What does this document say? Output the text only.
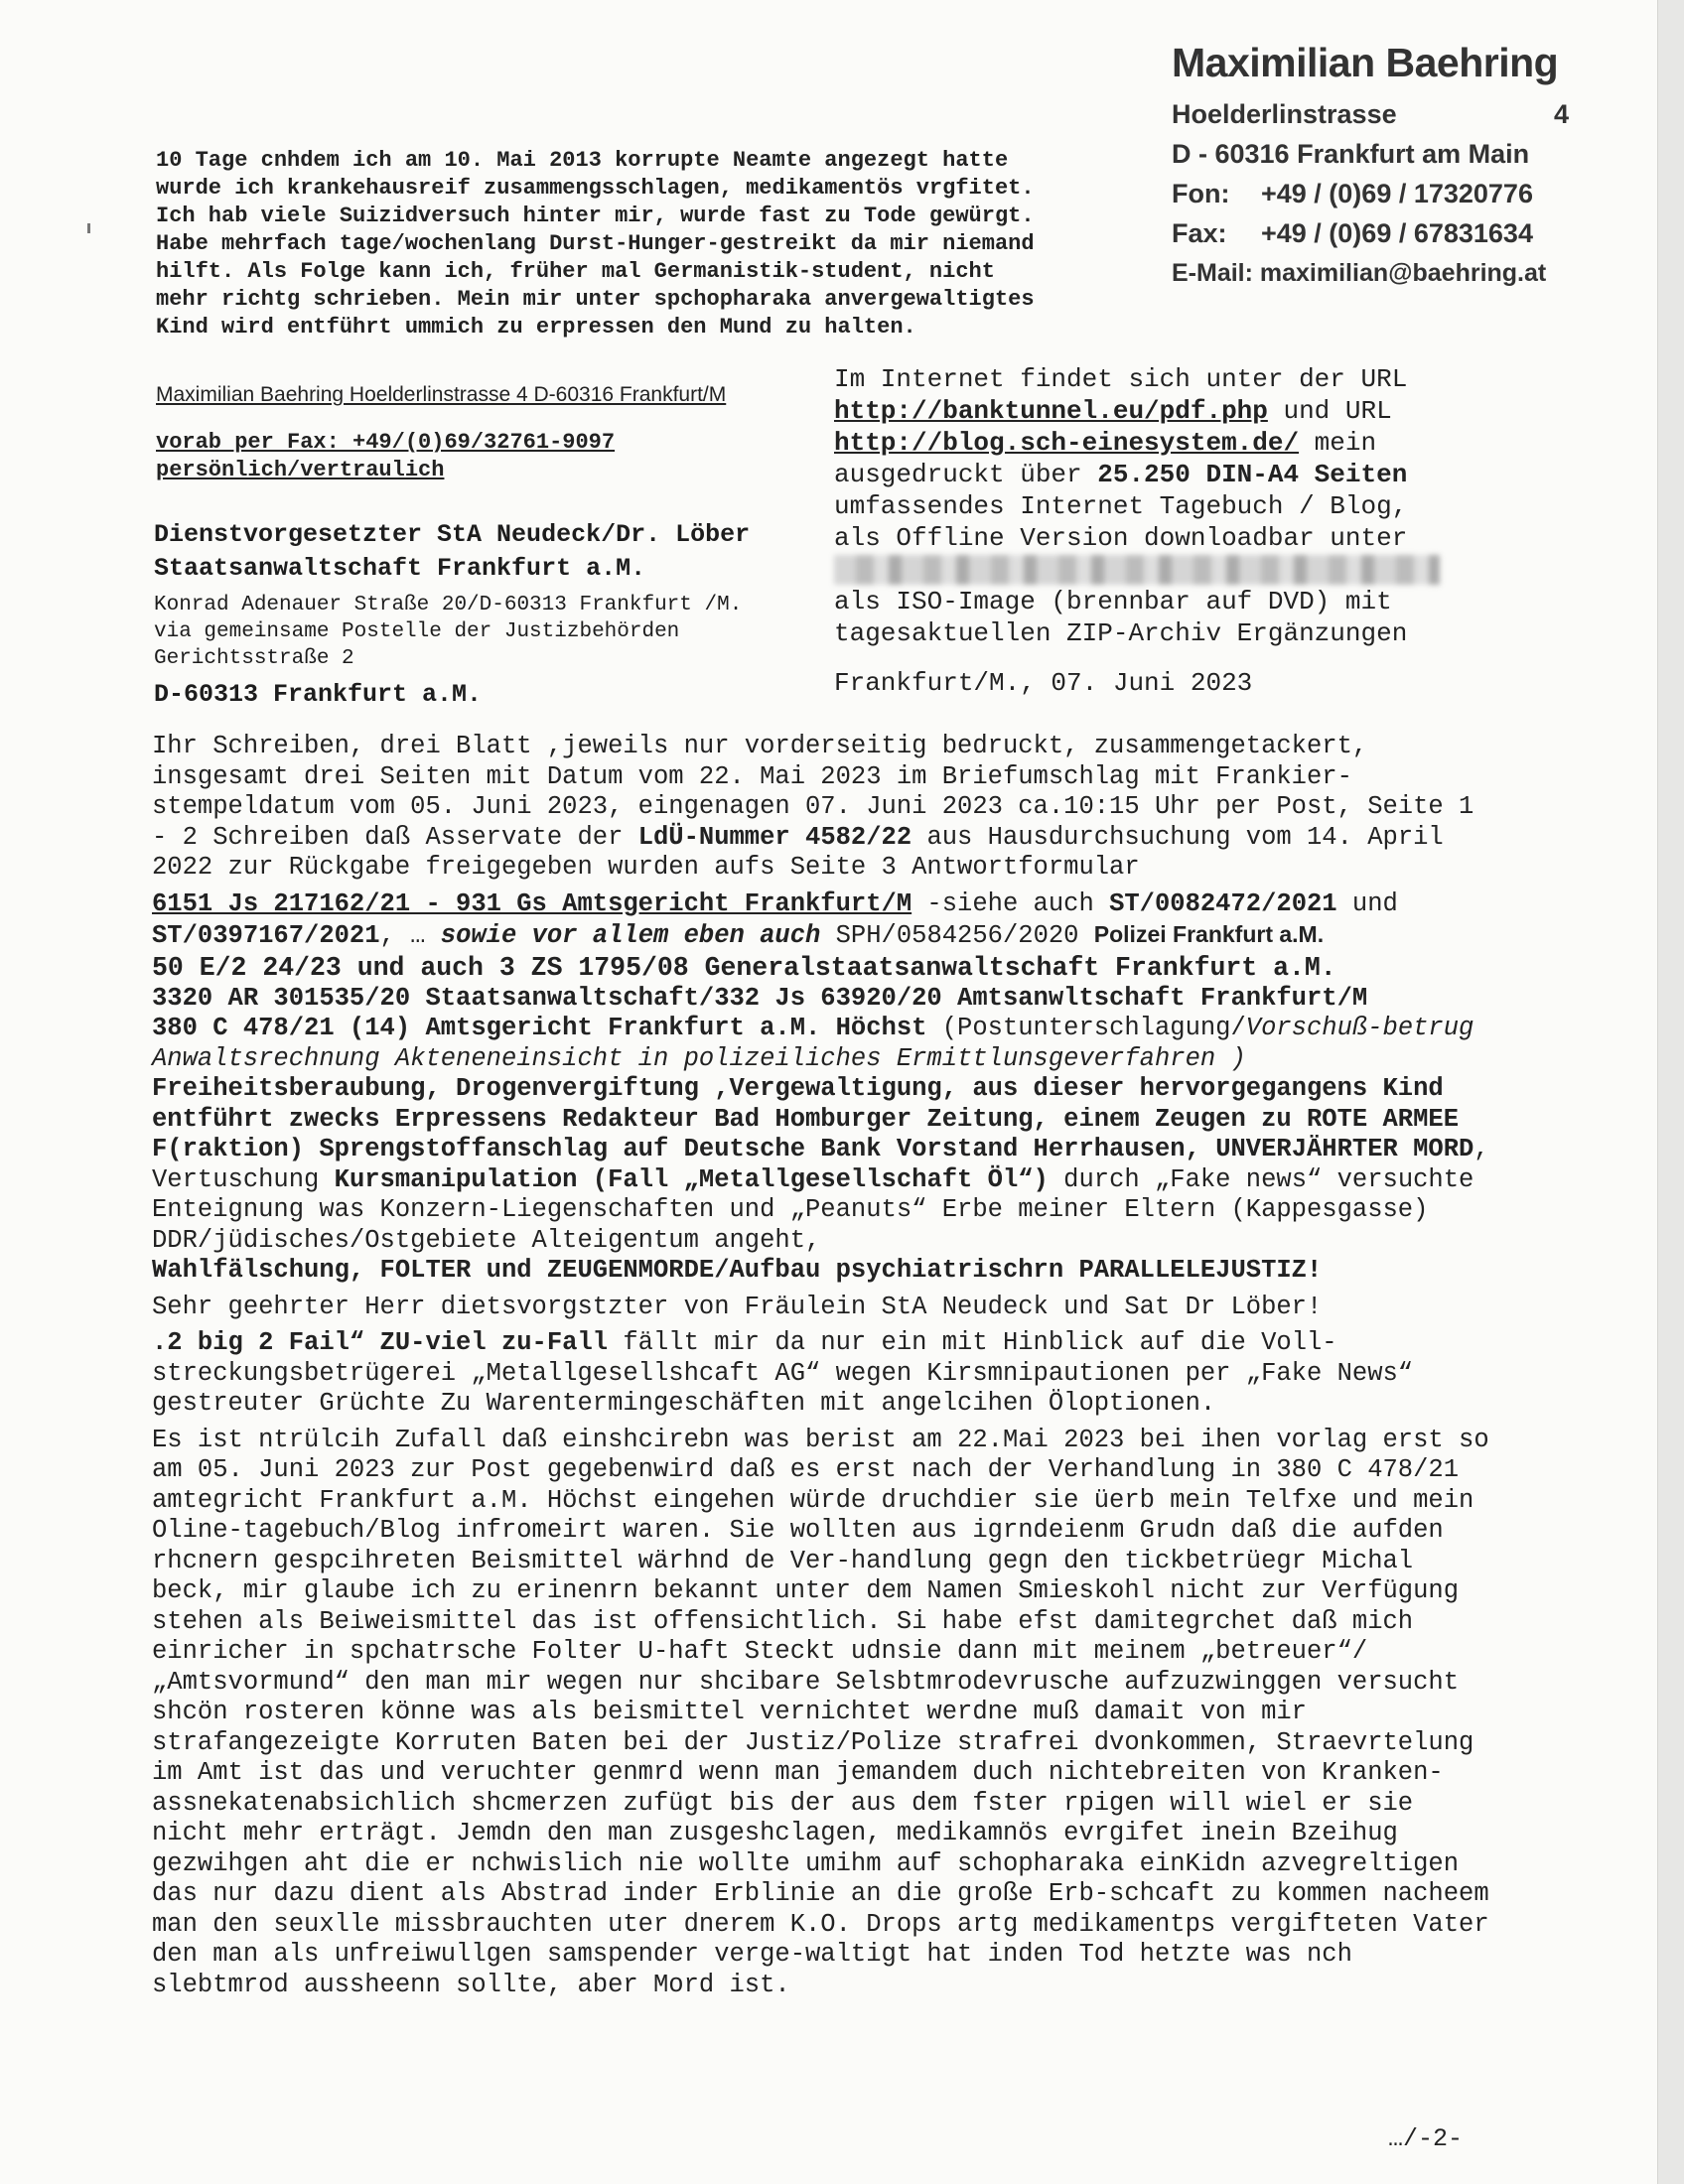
Maximilian Baehring
Hoelderlinstrasse	4
D - 60316 Frankfurt am Main
Fon:	+49 / (0)69 / 17320776
Fax:	+49 / (0)69 / 67831634
E-Mail: maximilian@baehring.at
10 Tage cnhdem ich am 10. Mai 2013 korrupte Neamte angezegt hatte
wurde ich krankehausreif zusammengsschlagen, medikamentös vrgfitet.
Ich hab viele Suizidversuch hinter mir, wurde fast zu Tode gewürgt.
Habe mehrfach tage/wochenlang Durst-Hunger-gestreikt da mir niemand
hilft. Als Folge kann ich, früher mal Germanistik-student, nicht
mehr richtg schrieben. Mein mir unter spchopharaka anvergewaltigtes
Kind wird entführt ummich zu erpressen den Mund zu halten.
Maximilian Baehring Hoelderlinstrasse 4 D-60316 Frankfurt/M
vorab per Fax: +49/(0)69/32761-9097
persönlich/vertraulich
Dienstvorgesetzter StA Neudeck/Dr. Löber
Staatsanwaltschaft Frankfurt a.M.
Konrad Adenauer Straße 20/D-60313 Frankfurt /M.
via gemeinsame Postelle der Justizbehörden
Gerichtsstraße 2
D-60313 Frankfurt a.M.
Im Internet findet sich unter der URL
http://banktunnel.eu/pdf.php und URL
http://blog.sch-einesystem.de/ mein
ausgedruckt über 25.250 DIN-A4 Seiten
umfassendes Internet Tagebuch / Blog,
als Offline Version downloadbar unter
als ISO-Image (brennbar auf DVD) mit
tagesaktuellen ZIP-Archiv Ergänzungen
Frankfurt/M., 07. Juni 2023

Ihr Schreiben, drei Blatt ,jeweils nur vorderseitig bedruckt, zusammengetackert, insgesamt drei Seiten mit Datum vom 22. Mai 2023 im Briefumschlag mit Frankier-stempeldatum vom 05. Juni 2023, eingenagen 07. Juni 2023 ca.10:15 Uhr per Post, Seite 1 - 2 Schreiben daß Asservate der LdÜ-Nummer 4582/22 aus Hausdurchsuchung vom 14. April 2022 zur Rückgabe freigegeben wurden aufs Seite 3 Antwortformular

6151 Js 217162/21 - 931 Gs Amtsgericht Frankfurt/M -siehe auch ST/0082472/2021 und

ST/0397167/2021, … sowie vor allem eben auch SPH/0584256/2020 Polizei Frankfurt a.M.

50 E/2 24/23 und auch 3 ZS 1795/08 Generalstaatsanwaltschaft Frankfurt a.M.

3320 AR 301535/20 Staatsanwaltschaft/332 Js 63920/20 Amtsanwltschaft Frankfurt/M

380 C 478/21 (14) Amtsgericht Frankfurt a.M. Höchst (Postunterschlagung/Vorschuß-betrug Anwaltsrechnung Akteneneinsicht in polizeiliches Ermittlunsgeverfahren )

Freiheitsberaubung, Drogenvergiftung ,Vergewaltigung, aus dieser hervorgegangens Kind entführt zwecks Erpressens Redakteur Bad Homburger Zeitung, einem Zeugen zu ROTE ARMEE F(raktion) Sprengstoffanschlag auf Deutsche Bank Vorstand Herrhausen, UNVERJÄHRTER MORD, Vertuschung Kursmanipulation (Fall „Metallgesellschaft Öl“) durch „Fake news“ versuchte Enteignung was Konzern-Liegenschaften und „Peanuts“ Erbe meiner Eltern (Kappesgasse) DDR/jüdisches/Ostgebiete Alteigentum angeht,

Wahlfälschung, FOLTER und ZEUGENMORDE/Aufbau psychiatrischrn PARALLELEJUSTIZ!

Sehr geehrter Herr dietsvorgstzter von Fräulein StA Neudeck und Sat Dr Löber!

.2 big 2 Fail“ ZU-viel zu-Fall fällt mir da nur ein mit Hinblick auf die Voll-streckungsbetrügerei „Metallgesellshcaft AG“ wegen Kirsmnipautionen per „Fake News“ gestreuter Grüchte Zu Warentermingeschäften mit angelcihen Öloptionen.

Es ist ntrülcih Zufall daß einshcirebn was berist am 22.Mai 2023 bei ihen vorlag erst so am 05. Juni 2023 zur Post gegebenwird daß es erst nach der Verhandlung in 380 C 478/21 amtegricht Frankfurt a.M. Höchst eingehen würde druchdier sie üerb mein Telfxe und mein Oline-tagebuch/Blog infromeirt waren. Sie wollten aus igrndeienm Grudn daß die aufden rhcnern gespcihreten Beismittel wärhnd de Ver-handlung gegn den tickbetrüegr Michal beck, mir glaube ich zu erinenrn bekannt unter dem Namen Smieskohl nicht zur Verfügung stehen als Beiweismittel das ist offensichtlich. Si habe efst damitegrchet daß mich einricher in spchatrsche Folter U-haft Steckt udnsie dann mit meinem „betreuer“/„Amtsvormund“ den man mir wegen nur shcibare Selsbtmrodevrusche aufzuzwinggen versucht shcön rosteren könne was als beismittel vernichtet werdne muß damait von mir strafangezeigte Korruten Baten bei der Justiz/Polize strafrei dvonkommen, Straevrtelung im Amt ist das und veruchter genmrd wenn man jemandem duch nichtebreiten von Kranken-assnekatenabsichlich shcmerzen zufügt bis der aus dem fster rpigen will wiel er sie nicht mehr erträgt. Jemdn den man zusgeshclagen, medikamnös evrgifet inein Bzeihug gezwihgen aht die er nchwislich nie wollte umihm auf schopharaka einKidn azvegreltigen das nur dazu dient als Abstrad inder Erblinie an die große Erb-schcaft zu kommen nacheem man den seuxlle missbrauchten uter dnerem K.O. Drops artg medikamentps vergifteten Vater den man als unfreiwullgen samspender verge-waltigt hat inden Tod hetzte was nch slebtmrod aussheenn sollte, aber Mord ist.

…/-2-
